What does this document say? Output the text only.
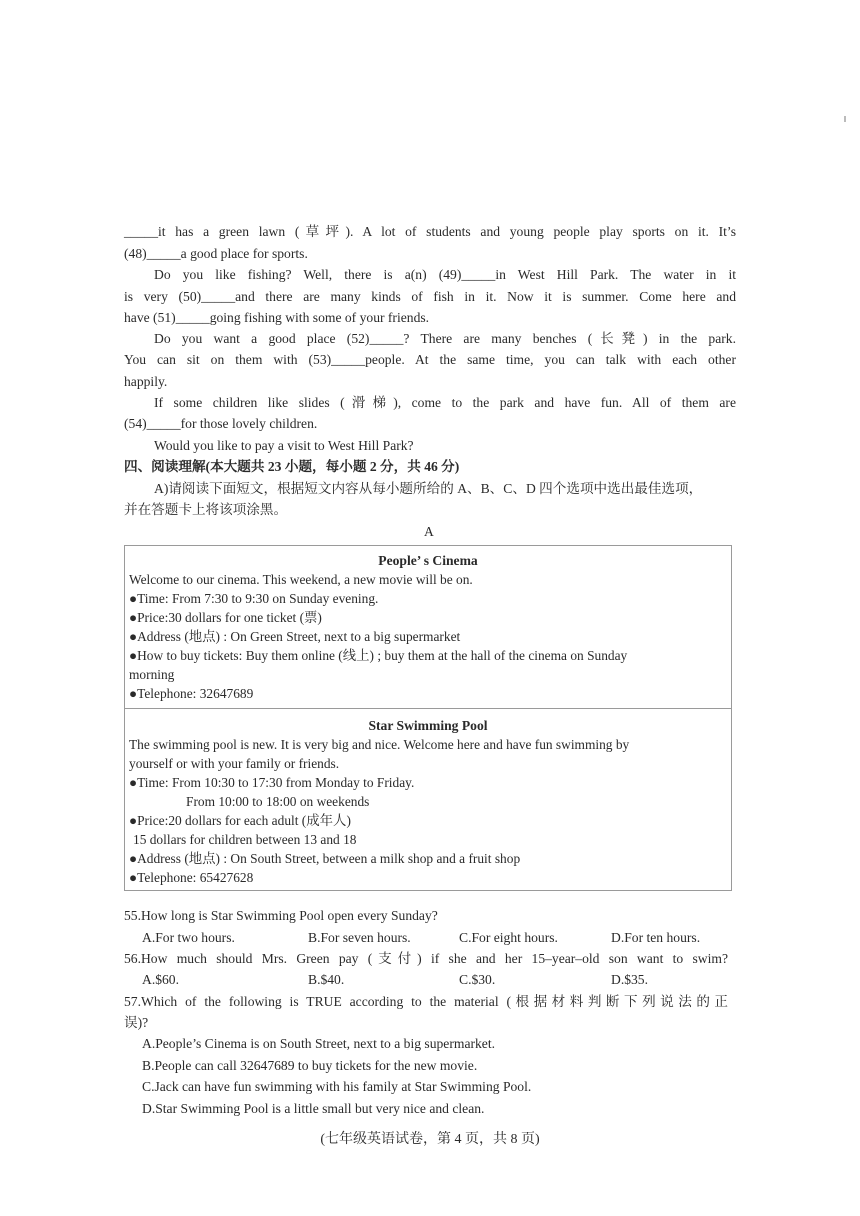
_____it has a green lawn (草坪). A lot of students and young people play sports on it. It’s
(48)_____a good place for sports.
Do you like fishing? Well, there is a(n) (49)_____in West Hill Park. The water in it
is very (50)_____and there are many kinds of fish in it. Now it is summer. Come here and
have (51)_____going fishing with some of your friends.
Do you want a good place (52)_____? There are many benches (长凳) in the park.
You can sit on them with (53)_____people. At the same time, you can talk with each other
happily.
If some children like slides (滑梯), come to the park and have fun. All of them are
(54)_____for those lovely children.
Would you like to pay a visit to West Hill Park?
四、阅读理解(本大题共 23 小题，每小题 2 分，共 46 分)
A)请阅读下面短文，根据短文内容从每小题所给的 A、B、C、D 四个选项中选出最佳选项，
并在答题卡上将该项涂黑。
A
People’ s Cinema
Welcome to our cinema. This weekend, a new movie will be on.
●Time: From 7:30 to 9:30 on Sunday evening.
●Price:30 dollars for one ticket (票)
●Address (地点) : On Green Street, next to a big supermarket
●How to buy tickets: Buy them online (线上) ; buy them at the hall of the cinema on Sunday
morning
●Telephone: 32647689
Star Swimming Pool
The swimming pool is new. It is very big and nice. Welcome here and have fun swimming by
yourself or with your family or friends.
●Time: From 10:30 to 17:30 from Monday to Friday.
From 10:00 to 18:00 on weekends
●Price:20 dollars for each adult (成年人)
15 dollars for children between 13 and 18
●Address (地点) : On South Street, between a milk shop and a fruit shop
●Telephone: 65427628
55.How long is Star Swimming Pool open every Sunday?
A.For two hours.	B.For seven hours.	C.For eight hours.	D.For ten hours.
56.How much should Mrs. Green pay (支付) if she and her 15–year–old son want to swim?
A.$60.	B.$40.	C.$30.	D.$35.
57.Which of the following is TRUE according to the material (根据材料判断下列说法的正
误)?
A.People’s Cinema is on South Street, next to a big supermarket.
B.People can call 32647689 to buy tickets for the new movie.
C.Jack can have fun swimming with his family at Star Swimming Pool.
D.Star Swimming Pool is a little small but very nice and clean.
(七年级英语试卷，第 4 页，共 8 页)
